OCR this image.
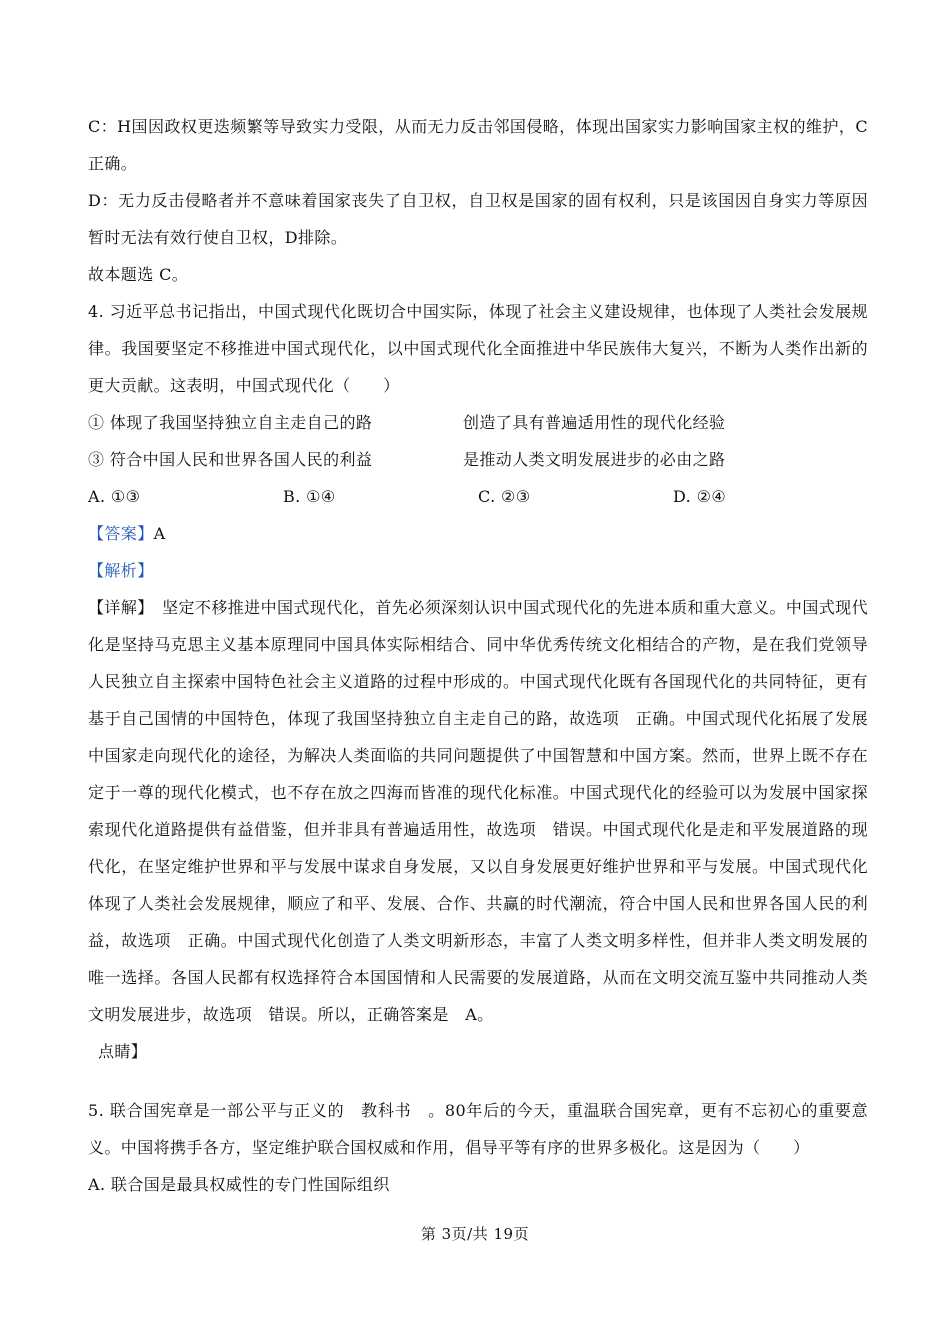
C：H国因政权更迭频繁等导致实力受限，从而无力反击邻国侵略，体现出国家实力影响国家主权的维护，C正确。

D：无力反击侵略者并不意味着国家丧失了自卫权，自卫权是国家的固有权利，只是该国因自身实力等原因暂时无法有效行使自卫权，D排除。

故本题选 C。

4. 习近平总书记指出，中国式现代化既切合中国实际，体现了社会主义建设规律，也体现了人类社会发展规律。我国要坚定不移推进中国式现代化，以中国式现代化全面推进中华民族伟大复兴，不断为人类作出新的更大贡献。这表明，中国式现代化（　　）

① 体现了我国坚持独立自主走自己的路	创造了具有普遍适用性的现代化经验
③ 符合中国人民和世界各国人民的利益	是推动人类文明发展进步的必由之路
A. ①③	B. ①④	C. ②③	D. ②④

【答案】A

【解析】

【详解】　坚定不移推进中国式现代化，首先必须深刻认识中国式现代化的先进本质和重大意义。中国式现代化是坚持马克思主义基本原理同中国具体实际相结合、同中华优秀传统文化相结合的产物，是在我们党领导人民独立自主探索中国特色社会主义道路的过程中形成的。中国式现代化既有各国现代化的共同特征，更有基于自己国情的中国特色，体现了我国坚持独立自主走自己的路，故选项　正确。中国式现代化拓展了发展中国家走向现代化的途径，为解决人类面临的共同问题提供了中国智慧和中国方案。然而，世界上既不存在定于一尊的现代化模式，也不存在放之四海而皆准的现代化标准。中国式现代化的经验可以为发展中国家探索现代化道路提供有益借鉴，但并非具有普遍适用性，故选项　错误。中国式现代化是走和平发展道路的现代化，在坚定维护世界和平与发展中谋求自身发展，又以自身发展更好维护世界和平与发展。中国式现代化体现了人类社会发展规律，顺应了和平、发展、合作、共赢的时代潮流，符合中国人民和世界各国人民的利益，故选项　正确。中国式现代化创造了人类文明新形态，丰富了人类文明多样性，但并非人类文明发展的唯一选择。各国人民都有权选择符合本国国情和人民需要的发展道路，从而在文明交流互鉴中共同推动人类文明发展进步，故选项　错误。所以，正确答案是　A。

点睛】

5. 联合国宪章是一部公平与正义的　教科书　。80年后的今天，重温联合国宪章，更有不忘初心的重要意义。中国将携手各方，坚定维护联合国权威和作用，倡导平等有序的世界多极化。这是因为（　　）

A. 联合国是最具权威性的专门性国际组织

第 3页/共 19页
